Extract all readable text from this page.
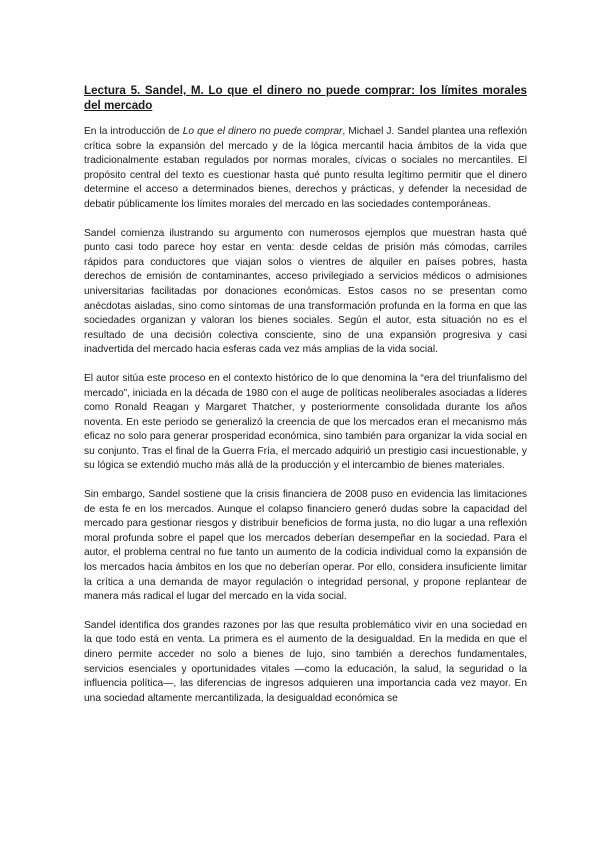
Lectura 5. Sandel, M. Lo que el dinero no puede comprar: los límites morales del mercado

En la introducción de Lo que el dinero no puede comprar, Michael J. Sandel plantea una reflexión crítica sobre la expansión del mercado y de la lógica mercantil hacia ámbitos de la vida que tradicionalmente estaban regulados por normas morales, cívicas o sociales no mercantiles. El propósito central del texto es cuestionar hasta qué punto resulta legítimo permitir que el dinero determine el acceso a determinados bienes, derechos y prácticas, y defender la necesidad de debatir públicamente los límites morales del mercado en las sociedades contemporáneas.

Sandel comienza ilustrando su argumento con numerosos ejemplos que muestran hasta qué punto casi todo parece hoy estar en venta: desde celdas de prisión más cómodas, carriles rápidos para conductores que viajan solos o vientres de alquiler en países pobres, hasta derechos de emisión de contaminantes, acceso privilegiado a servicios médicos o admisiones universitarias facilitadas por donaciones económicas. Estos casos no se presentan como anécdotas aisladas, sino como síntomas de una transformación profunda en la forma en que las sociedades organizan y valoran los bienes sociales. Según el autor, esta situación no es el resultado de una decisión colectiva consciente, sino de una expansión progresiva y casi inadvertida del mercado hacia esferas cada vez más amplias de la vida social.

El autor sitúa este proceso en el contexto histórico de lo que denomina la “era del triunfalismo del mercado”, iniciada en la década de 1980 con el auge de políticas neoliberales asociadas a líderes como Ronald Reagan y Margaret Thatcher, y posteriormente consolidada durante los años noventa. En este periodo se generalizó la creencia de que los mercados eran el mecanismo más eficaz no solo para generar prosperidad económica, sino también para organizar la vida social en su conjunto. Tras el final de la Guerra Fría, el mercado adquirió un prestigio casi incuestionable, y su lógica se extendió mucho más allá de la producción y el intercambio de bienes materiales.

Sin embargo, Sandel sostiene que la crisis financiera de 2008 puso en evidencia las limitaciones de esta fe en los mercados. Aunque el colapso financiero generó dudas sobre la capacidad del mercado para gestionar riesgos y distribuir beneficios de forma justa, no dio lugar a una reflexión moral profunda sobre el papel que los mercados deberían desempeñar en la sociedad. Para el autor, el problema central no fue tanto un aumento de la codicia individual como la expansión de los mercados hacia ámbitos en los que no deberían operar. Por ello, considera insuficiente limitar la crítica a una demanda de mayor regulación o integridad personal, y propone replantear de manera más radical el lugar del mercado en la vida social.

Sandel identifica dos grandes razones por las que resulta problemático vivir en una sociedad en la que todo está en venta. La primera es el aumento de la desigualdad. En la medida en que el dinero permite acceder no solo a bienes de lujo, sino también a derechos fundamentales, servicios esenciales y oportunidades vitales —como la educación, la salud, la seguridad o la influencia política—, las diferencias de ingresos adquieren una importancia cada vez mayor. En una sociedad altamente mercantilizada, la desigualdad económica se
